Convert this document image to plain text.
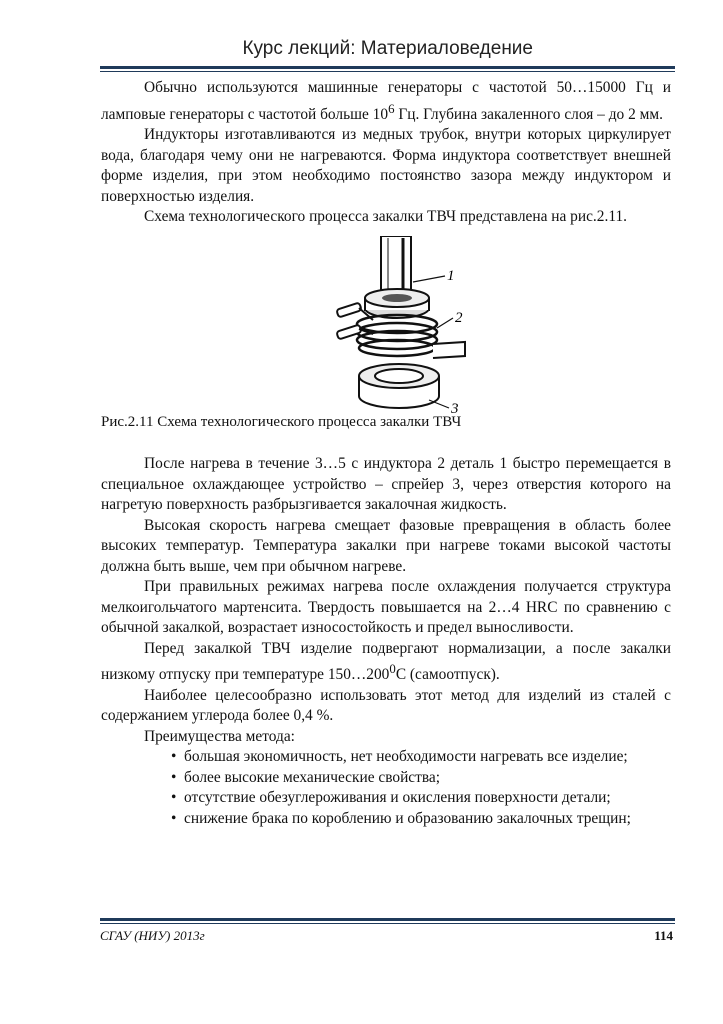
Курс лекций: Материаловедение

Обычно используются машинные генераторы с частотой 50…15000 Гц и ламповые генераторы с частотой больше $10^6$ Гц. Глубина закаленного слоя – до 2 мм.

Индукторы изготавливаются из медных трубок, внутри которых циркулирует вода, благодаря чему они не нагреваются. Форма индуктора соответствует внешней форме изделия, при этом необходимо постоянство зазора между индуктором и поверхностью изделия.

Схема технологического процесса закалки ТВЧ представлена на рис.2.11.

1
2
3

Рис.2.11 Схема технологического процесса закалки ТВЧ

После нагрева в течение 3…5 с индуктора 2 деталь 1 быстро перемещается в специальное охлаждающее устройство – спрейер 3, через отверстия которого на нагретую поверхность разбрызгивается закалочная жидкость.

Высокая скорость нагрева смещает фазовые превращения в область более высоких температур. Температура закалки при нагреве токами высокой частоты должна быть выше, чем при обычном нагреве.

При правильных режимах нагрева после охлаждения получается структура мелкоигольчатого мартенсита. Твердость повышается на 2…4 HRC по сравнению с обычной закалкой, возрастает износостойкость и предел выносливости.

Перед закалкой ТВЧ изделие подвергают нормализации, а после закалки низкому отпуску при температуре $150\dots 200^0С$ (самоотпуск).

Наиболее целесообразно использовать этот метод для изделий из сталей с содержанием углерода более 0,4 %.

Преимущества метода:

• большая экономичность, нет необходимости нагревать все изделие;
• более высокие механические свойства;
• отсутствие обезуглероживания и окисления поверхности детали;
• снижение брака по короблению и образованию закалочных трещин;
СГАУ (НИУ) 2013г	114
